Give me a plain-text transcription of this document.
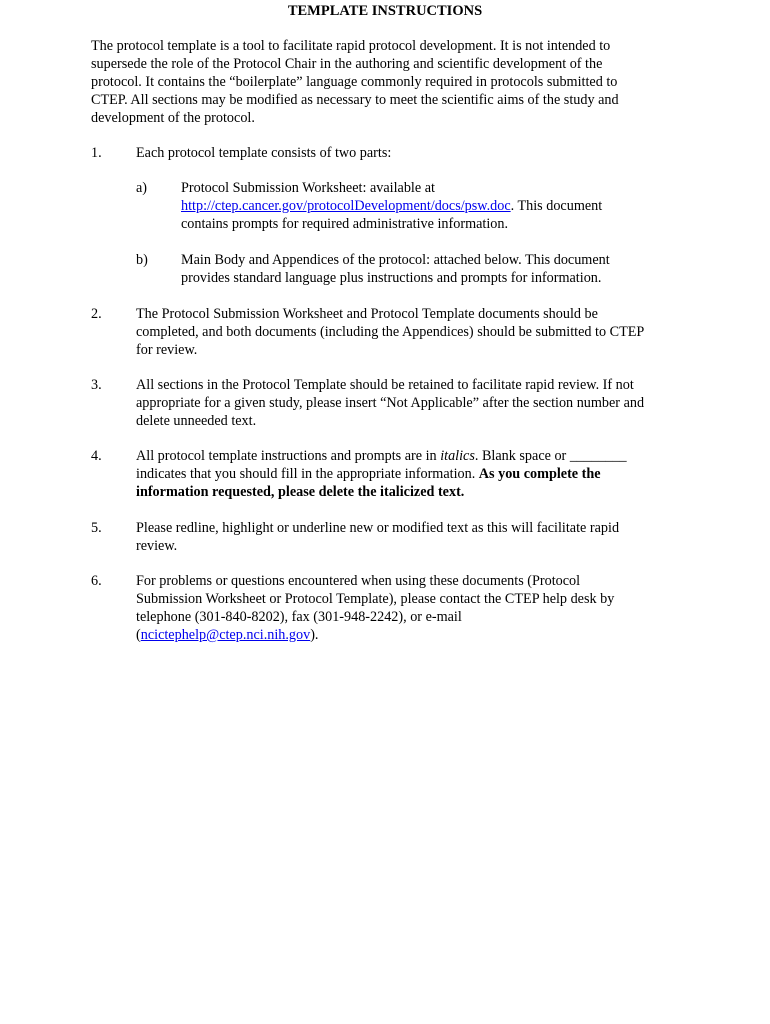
TEMPLATE INSTRUCTIONS
The protocol template is a tool to facilitate rapid protocol development. It is not intended to
supersede the role of the Protocol Chair in the authoring and scientific development of the
protocol. It contains the “boilerplate” language commonly required in protocols submitted to
CTEP. All sections may be modified as necessary to meet the scientific aims of the study and
development of the protocol.
1. Each protocol template consists of two parts:
a) Protocol Submission Worksheet: available at
http://ctep.cancer.gov/protocolDevelopment/docs/psw.doc. This document
contains prompts for required administrative information.
b) Main Body and Appendices of the protocol: attached below. This document
provides standard language plus instructions and prompts for information.
2. The Protocol Submission Worksheet and Protocol Template documents should be
completed, and both documents (including the Appendices) should be submitted to CTEP
for review.
3. All sections in the Protocol Template should be retained to facilitate rapid review. If not
appropriate for a given study, please insert “Not Applicable” after the section number and
delete unneeded text.
4. All protocol template instructions and prompts are in italics. Blank space or ________
indicates that you should fill in the appropriate information. As you complete the
information requested, please delete the italicized text.
5. Please redline, highlight or underline new or modified text as this will facilitate rapid
review.
6. For problems or questions encountered when using these documents (Protocol
Submission Worksheet or Protocol Template), please contact the CTEP help desk by
telephone (301-840-8202), fax (301-948-2242), or e-mail
(ncictephelp@ctep.nci.nih.gov).
